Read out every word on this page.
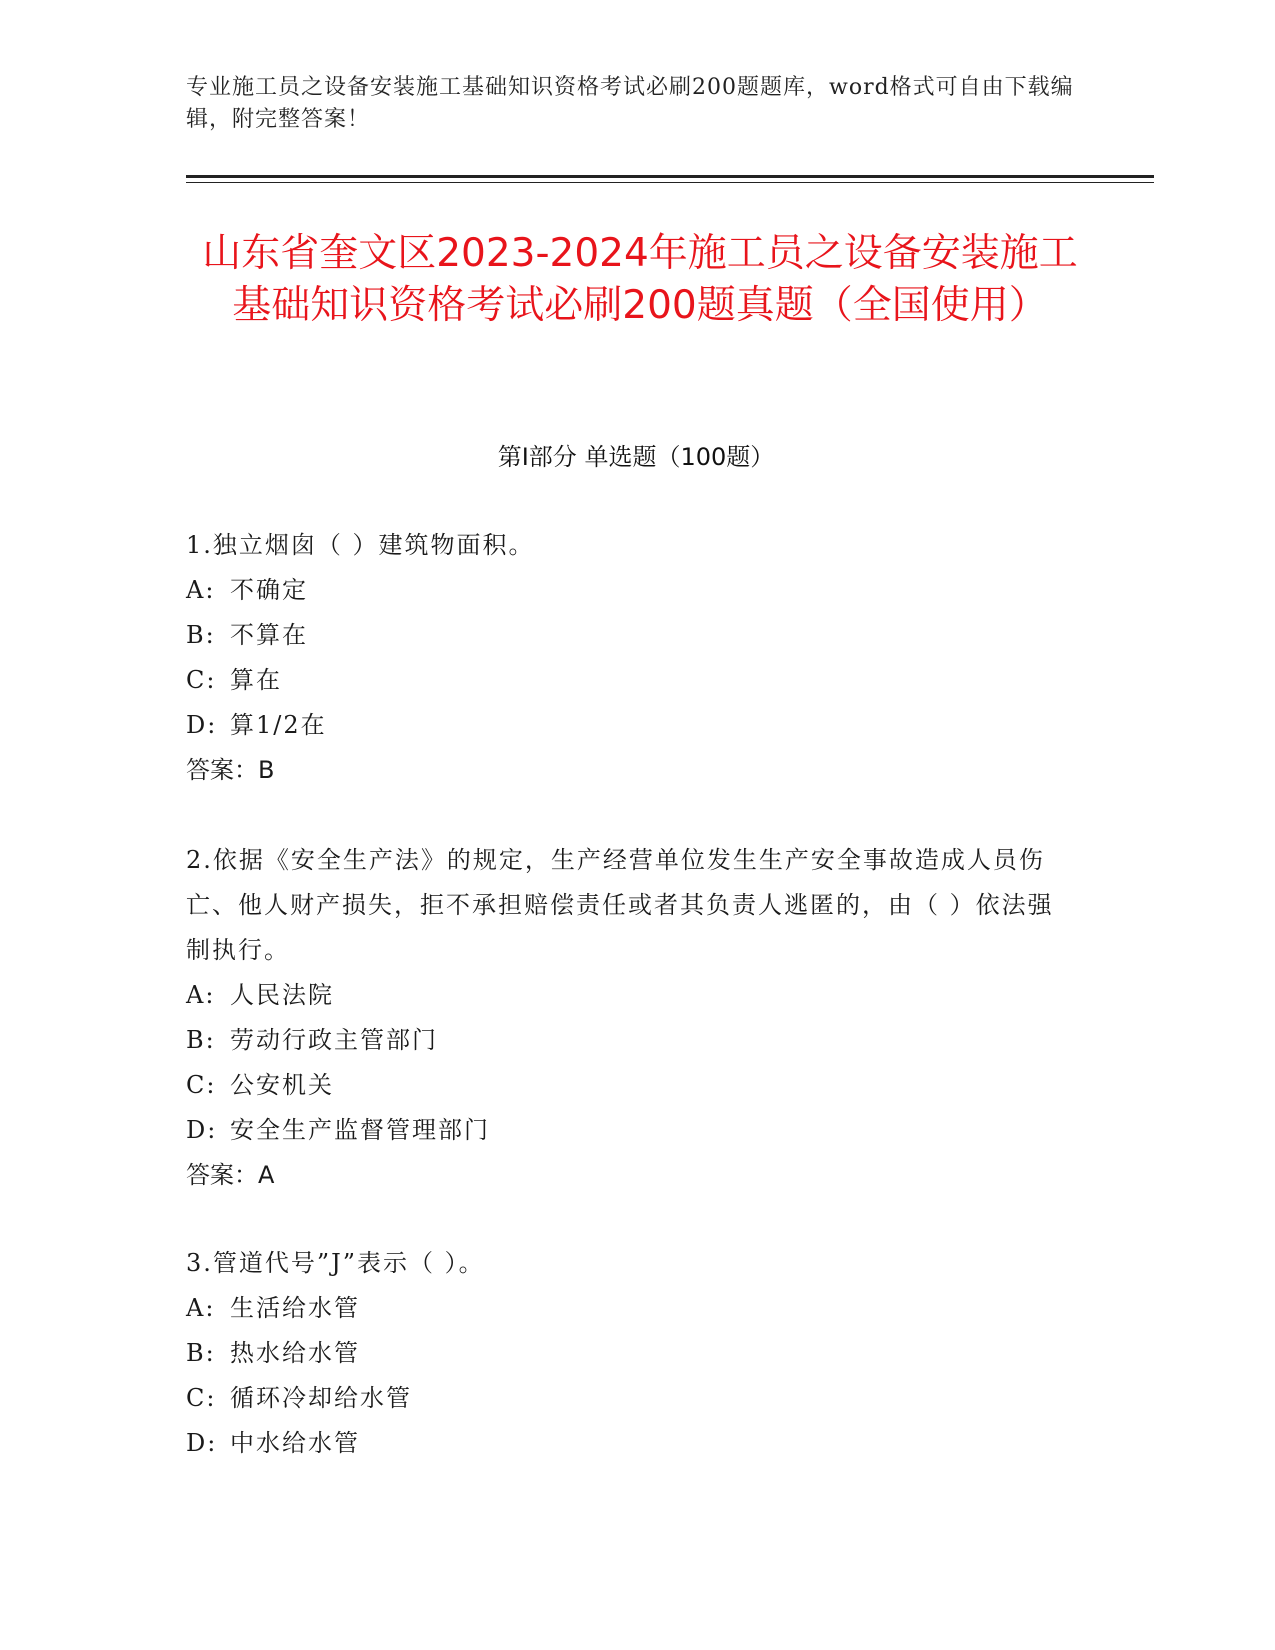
专业施工员之设备安装施工基础知识资格考试必刷200题题库，word格式可自由下载编辑，附完整答案！
山东省奎文区2023-2024年施工员之设备安装施工基础知识资格考试必刷200题真题（全国使用）
第Ⅰ部分 单选题（100题）

1.独立烟囱（ ）建筑物面积。

A: 不确定

B: 不算在

C: 算在

D: 算1/2在

答案：B

2.依据《安全生产法》的规定，生产经营单位发生生产安全事故造成人员伤亡、他人财产损失，拒不承担赔偿责任或者其负责人逃匿的，由（ ）依法强制执行。

A: 人民法院

B: 劳动行政主管部门

C: 公安机关

D: 安全生产监督管理部门

答案：A

3.管道代号”J”表示（ ）。

A: 生活给水管

B: 热水给水管

C: 循环冷却给水管

D: 中水给水管
